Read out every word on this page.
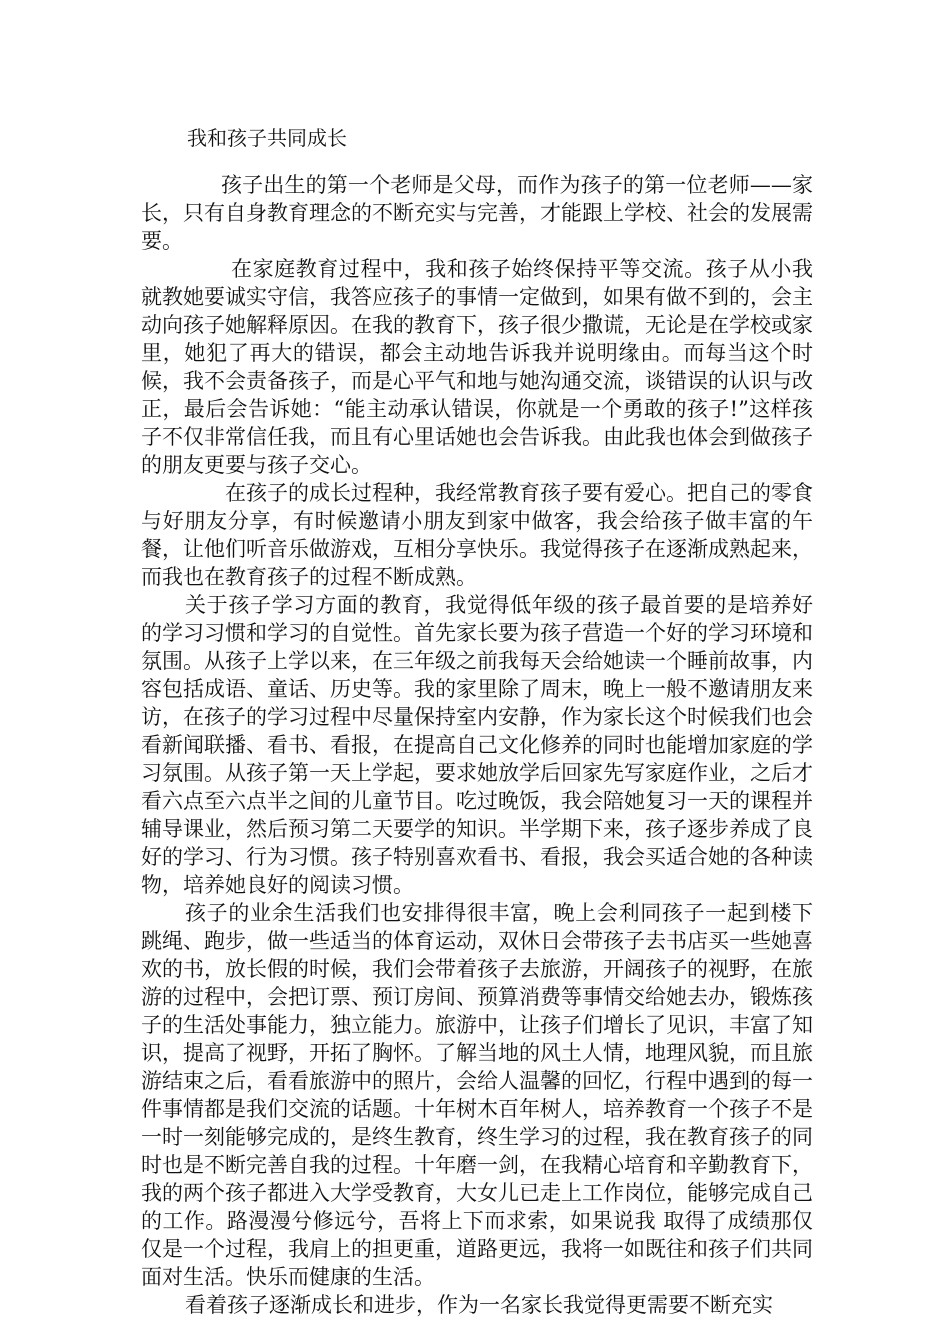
我和孩子共同成长

孩子出生的第一个老师是父母，而作为孩子的第一位老师——家长，只有自身教育理念的不断充实与完善，才能跟上学校、社会的发展需要。

在家庭教育过程中，我和孩子始终保持平等交流。孩子从小我就教她要诚实守信，我答应孩子的事情一定做到，如果有做不到的，会主动向孩子她解释原因。在我的教育下，孩子很少撒谎，无论是在学校或家里，她犯了再大的错误，都会主动地告诉我并说明缘由。而每当这个时候，我不会责备孩子，而是心平气和地与她沟通交流，谈错误的认识与改正，最后会告诉她：“能主动承认错误，你就是一个勇敢的孩子!”这样孩子不仅非常信任我，而且有心里话她也会告诉我。由此我也体会到做孩子的朋友更要与孩子交心。

在孩子的成长过程种，我经常教育孩子要有爱心。把自己的零食与好朋友分享，有时候邀请小朋友到家中做客，我会给孩子做丰富的午餐，让他们听音乐做游戏，互相分享快乐。我觉得孩子在逐渐成熟起来，而我也在教育孩子的过程不断成熟。

关于孩子学习方面的教育，我觉得低年级的孩子最首要的是培养好的学习习惯和学习的自觉性。首先家长要为孩子营造一个好的学习环境和氛围。从孩子上学以来，在三年级之前我每天会给她读一个睡前故事，内容包括成语、童话、历史等。我的家里除了周末，晚上一般不邀请朋友来访，在孩子的学习过程中尽量保持室内安静，作为家长这个时候我们也会看新闻联播、看书、看报，在提高自己文化修养的同时也能增加家庭的学习氛围。从孩子第一天上学起，要求她放学后回家先写家庭作业，之后才看六点至六点半之间的儿童节目。吃过晚饭，我会陪她复习一天的课程并辅导课业，然后预习第二天要学的知识。半学期下来，孩子逐步养成了良好的学习、行为习惯。孩子特别喜欢看书、看报，我会买适合她的各种读物，培养她良好的阅读习惯。

孩子的业余生活我们也安排得很丰富，晚上会利同孩子一起到楼下跳绳、跑步，做一些适当的体育运动，双休日会带孩子去书店买一些她喜欢的书，放长假的时候，我们会带着孩子去旅游，开阔孩子的视野，在旅游的过程中，会把订票、预订房间、预算消费等事情交给她去办，锻炼孩子的生活处事能力，独立能力。旅游中，让孩子们增长了见识，丰富了知识，提高了视野，开拓了胸怀。了解当地的风土人情，地理风貌，而且旅游结束之后，看看旅游中的照片，会给人温馨的回忆，行程中遇到的每一件事情都是我们交流的话题。十年树木百年树人，培养教育一个孩子不是一时一刻能够完成的，是终生教育，终生学习的过程，我在教育孩子的同时也是不断完善自我的过程。十年磨一剑，在我精心培育和辛勤教育下，我的两个孩子都进入大学受教育，大女儿已走上工作岗位，能够完成自己的工作。路漫漫兮修远兮，吾将上下而求索，如果说我 取得了成绩那仅仅是一个过程，我肩上的担更重，道路更远，我将一如既往和孩子们共同面对生活。快乐而健康的生活。

看着孩子逐渐成长和进步，作为一名家长我觉得更需要不断充实
